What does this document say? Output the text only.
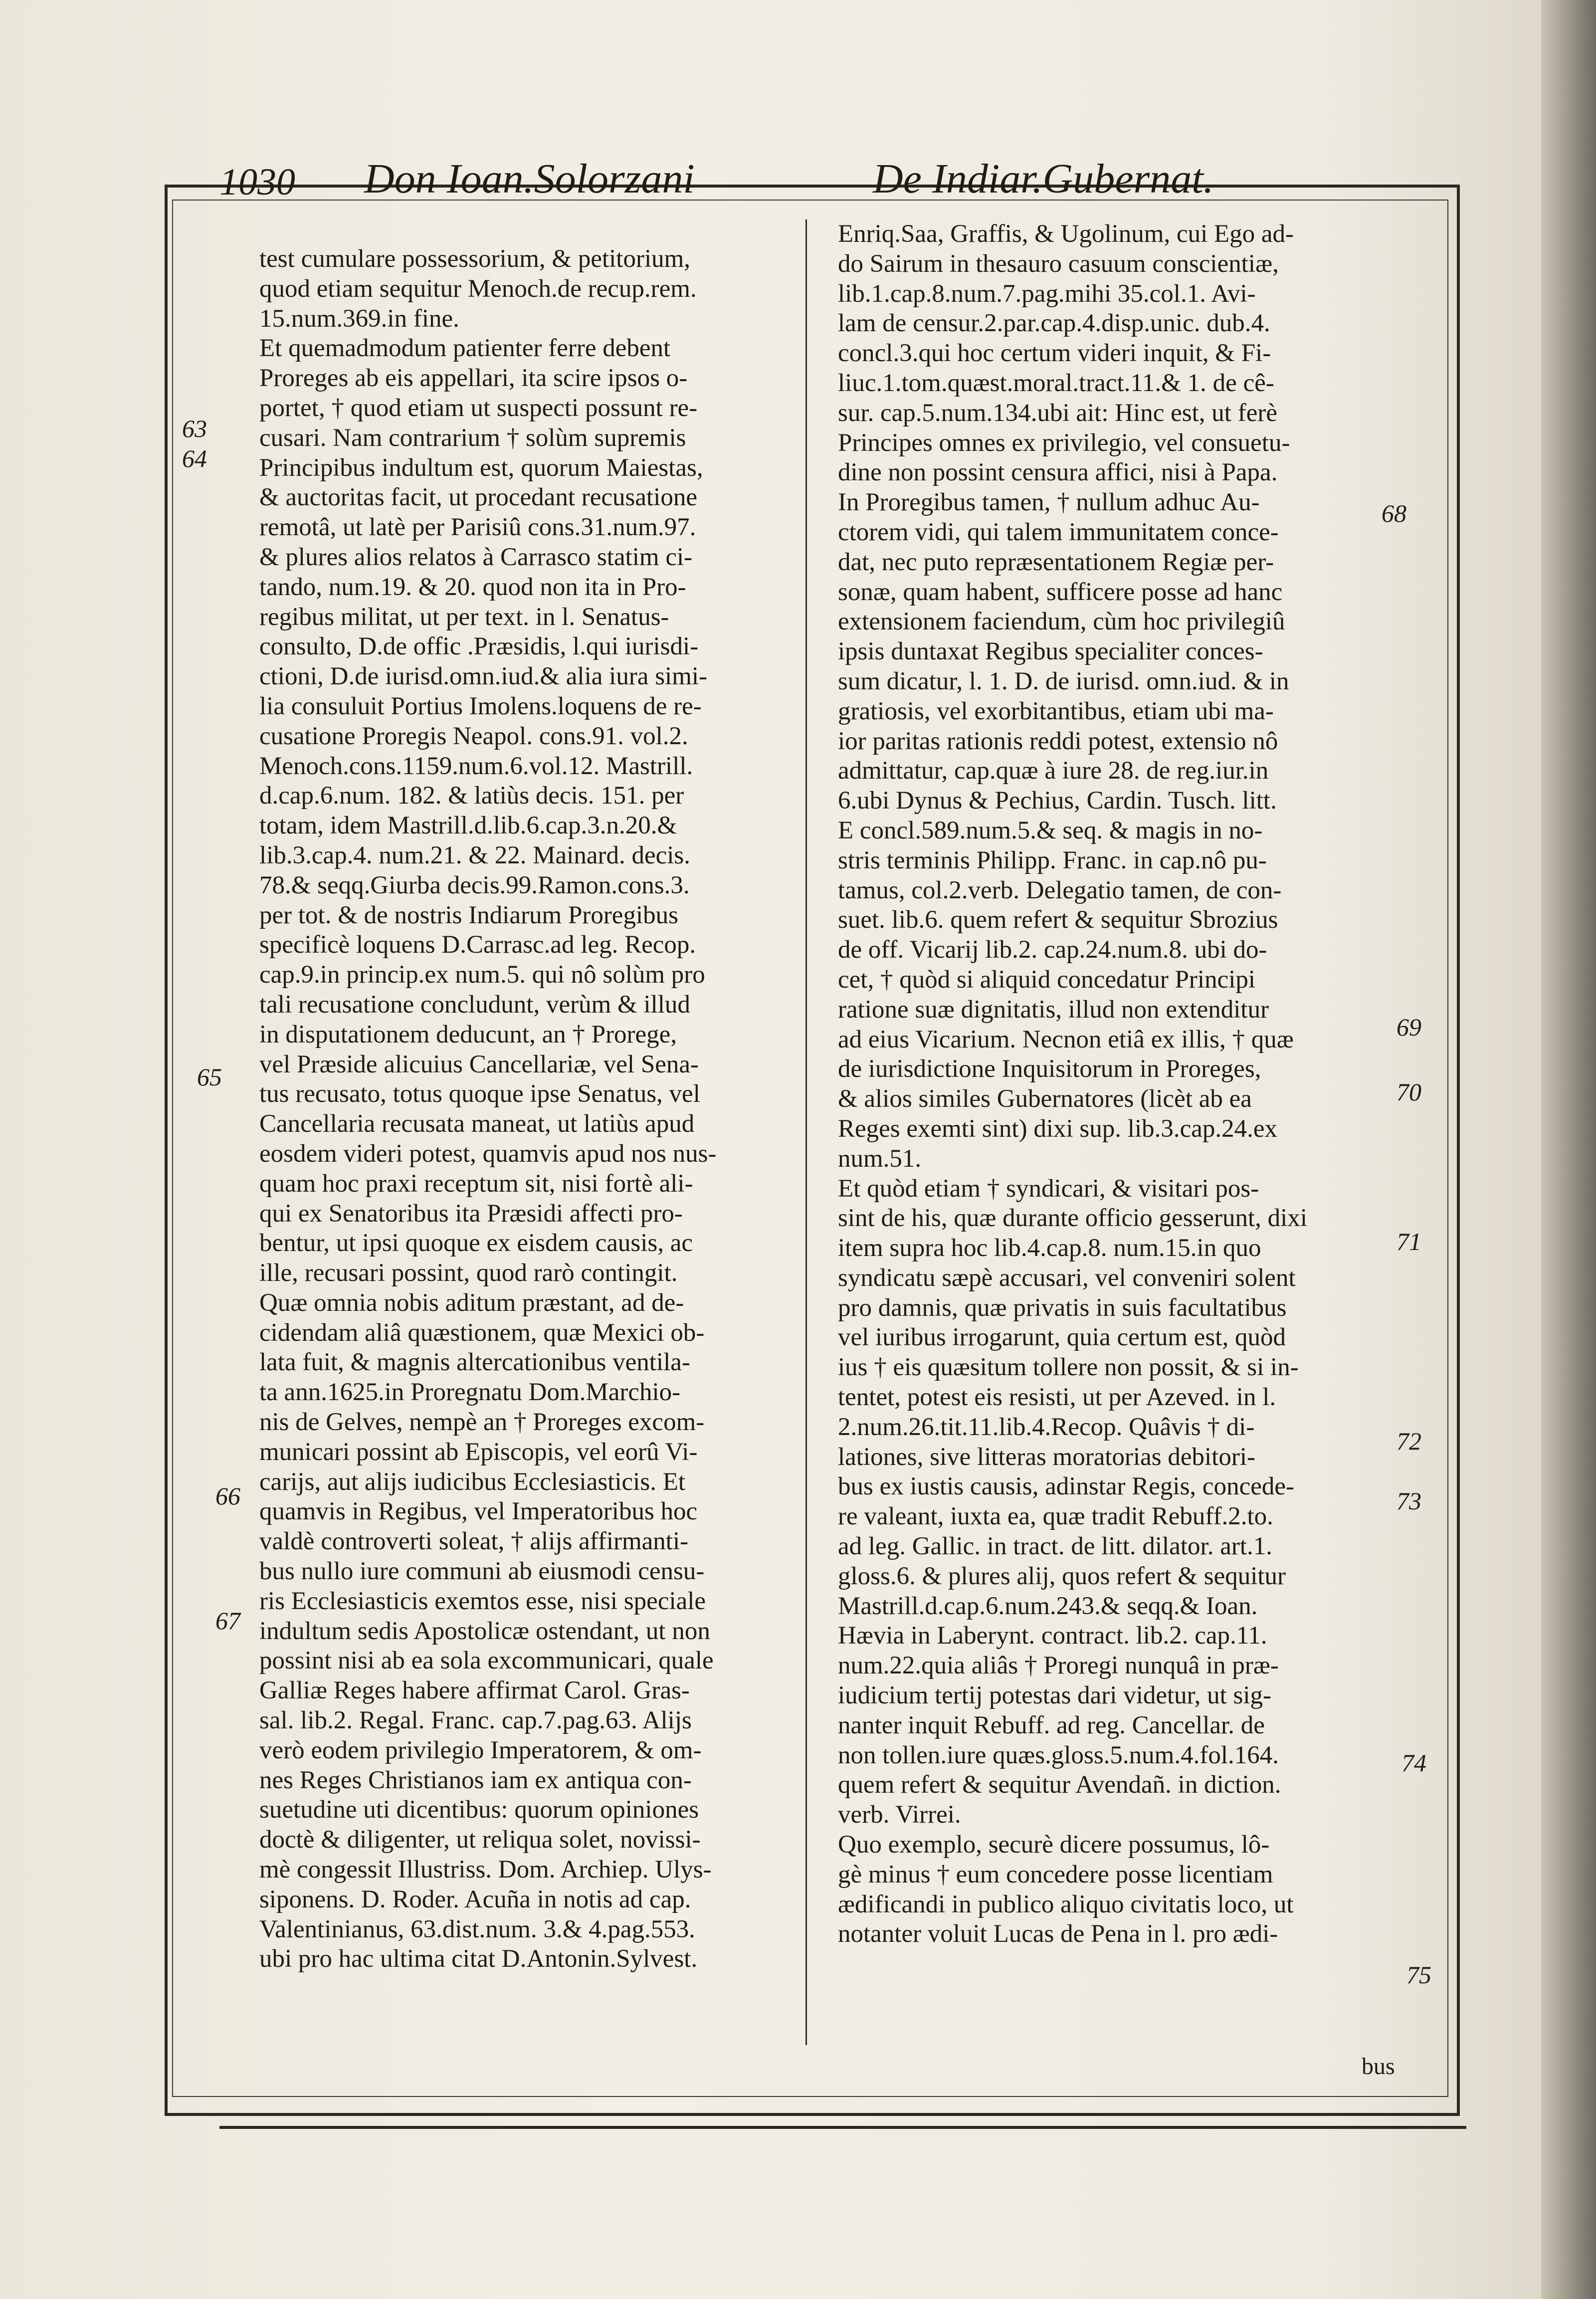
1030 Don Ioan.Solorzani	De Indiar.Gubernat.
test cumulare possessorium, & petitorium,
quod etiam sequitur Menoch.de recup.rem.
15.num.369.in fine.
Et quemadmodum patienter ferre debent
Proreges ab eis appellari, ita scire ipsos o-
portet, † quod etiam ut suspecti possunt re-
cusari. Nam contrarium † solùm supremis
Principibus indultum est, quorum Maiestas,
& auctoritas facit, ut procedant recusatione
remotâ, ut latè per Parisiû cons.31.num.97.
& plures alios relatos à Carrasco statim ci-
tando, num.19. & 20. quod non ita in Pro-
regibus militat, ut per text. in l. Senatus-
consulto, D.de offic .Præsidis, l.qui iurisdi-
ctioni, D.de iurisd.omn.iud.& alia iura simi-
lia consuluit Portius Imolens.loquens de re-
cusatione Proregis Neapol. cons.91. vol.2.
Menoch.cons.1159.num.6.vol.12. Mastrill.
d.cap.6.num. 182. & latiùs decis. 151. per
totam, idem Mastrill.d.lib.6.cap.3.n.20.&
lib.3.cap.4. num.21. & 22. Mainard. decis.
78.& seqq.Giurba decis.99.Ramon.cons.3.
per tot. & de nostris Indiarum Proregibus
specificè loquens D.Carrasc.ad leg. Recop.
cap.9.in princip.ex num.5. qui nô solùm pro
tali recusatione concludunt, verùm & illud
in disputationem deducunt, an † Prorege,
vel Præside alicuius Cancellariæ, vel Sena-
tus recusato, totus quoque ipse Senatus, vel
Cancellaria recusata maneat, ut latiùs apud
eosdem videri potest, quamvis apud nos nus-
quam hoc praxi receptum sit, nisi fortè ali-
qui ex Senatoribus ita Præsidi affecti pro-
bentur, ut ipsi quoque ex eisdem causis, ac
ille, recusari possint, quod rarò contingit.
Quæ omnia nobis aditum præstant, ad de-
cidendam aliâ quæstionem, quæ Mexici ob-
lata fuit, & magnis altercationibus ventila-
ta ann.1625.in Proregnatu Dom.Marchio-
nis de Gelves, nempè an † Proreges excom-
municari possint ab Episcopis, vel eorû Vi-
carijs, aut alijs iudicibus Ecclesiasticis. Et
quamvis in Regibus, vel Imperatoribus hoc
valdè controverti soleat, † alijs affirmanti-
bus nullo iure communi ab eiusmodi censu-
ris Ecclesiasticis exemtos esse, nisi speciale
indultum sedis Apostolicæ ostendant, ut non
possint nisi ab ea sola excommunicari, quale
Galliæ Reges habere affirmat Carol. Gras-
sal. lib.2. Regal. Franc. cap.7.pag.63. Alijs
verò eodem privilegio Imperatorem, & om-
nes Reges Christianos iam ex antiqua con-
suetudine uti dicentibus: quorum opiniones
doctè & diligenter, ut reliqua solet, novissi-
mè congessit Illustriss. Dom. Archiep. Ulys-
siponens. D. Roder. Acuña in notis ad cap.
Valentinianus, 63.dist.num. 3.& 4.pag.553.
ubi pro hac ultima citat D.Antonin.Sylvest.
Enriq.Saa, Graffis, & Ugolinum, cui Ego ad-
do Sairum in thesauro casuum conscientiæ,
lib.1.cap.8.num.7.pag.mihi 35.col.1. Avi-
lam de censur.2.par.cap.4.disp.unic. dub.4.
concl.3.qui hoc certum videri inquit, & Fi-
liuc.1.tom.quæst.moral.tract.11.& 1. de cê-
sur. cap.5.num.134.ubi ait: Hinc est, ut ferè
Principes omnes ex privilegio, vel consuetu-
dine non possint censura affici, nisi à Papa.
In Proregibus tamen, † nullum adhuc Au-
ctorem vidi, qui talem immunitatem conce-
dat, nec puto repræsentationem Regiæ per-
sonæ, quam habent, sufficere posse ad hanc
extensionem faciendum, cùm hoc privilegiû
ipsis duntaxat Regibus specialiter conces-
sum dicatur, l. 1. D. de iurisd. omn.iud. & in
gratiosis, vel exorbitantibus, etiam ubi ma-
ior paritas rationis reddi potest, extensio nô
admittatur, cap.quæ à iure 28. de reg.iur.in
6.ubi Dynus & Pechius, Cardin. Tusch. litt.
E concl.589.num.5.& seq. & magis in no-
stris terminis Philipp. Franc. in cap.nô pu-
tamus, col.2.verb. Delegatio tamen, de con-
suet. lib.6. quem refert & sequitur Sbrozius
de off. Vicarij lib.2. cap.24.num.8. ubi do-
cet, † quòd si aliquid concedatur Principi
ratione suæ dignitatis, illud non extenditur
ad eius Vicarium. Necnon etiâ ex illis, † quæ
de iurisdictione Inquisitorum in Proreges,
& alios similes Gubernatores (licèt ab ea
Reges exemti sint) dixi sup. lib.3.cap.24.ex
num.51.
Et quòd etiam † syndicari, & visitari pos-
sint de his, quæ durante officio gesserunt, dixi
item supra hoc lib.4.cap.8. num.15.in quo
syndicatu sæpè accusari, vel conveniri solent
pro damnis, quæ privatis in suis facultatibus
vel iuribus irrogarunt, quia certum est, quòd
ius † eis quæsitum tollere non possit, & si in-
tentet, potest eis resisti, ut per Azeved. in l.
2.num.26.tit.11.lib.4.Recop. Quâvis † di-
lationes, sive litteras moratorias debitori-
bus ex iustis causis, adinstar Regis, concede-
re valeant, iuxta ea, quæ tradit Rebuff.2.to.
ad leg. Gallic. in tract. de litt. dilator. art.1.
gloss.6. & plures alij, quos refert & sequitur
Mastrill.d.cap.6.num.243.& seqq.& Ioan.
Hævia in Laberynt. contract. lib.2. cap.11.
num.22.quia aliâs † Proregi nunquâ in præ-
iudicium tertij potestas dari videtur, ut sig-
nanter inquit Rebuff. ad reg. Cancellar. de
non tollen.iure quæs.gloss.5.num.4.fol.164.
quem refert & sequitur Avendañ. in diction.
verb. Virrei.
Quo exemplo, securè dicere possumus, lô-
gè minus † eum concedere posse licentiam
ædificandi in publico aliquo civitatis loco, ut
notanter voluit Lucas de Pena in l. pro ædi-
63
64
65
66
67
68
69
70
71
72
73
74
75
bus
